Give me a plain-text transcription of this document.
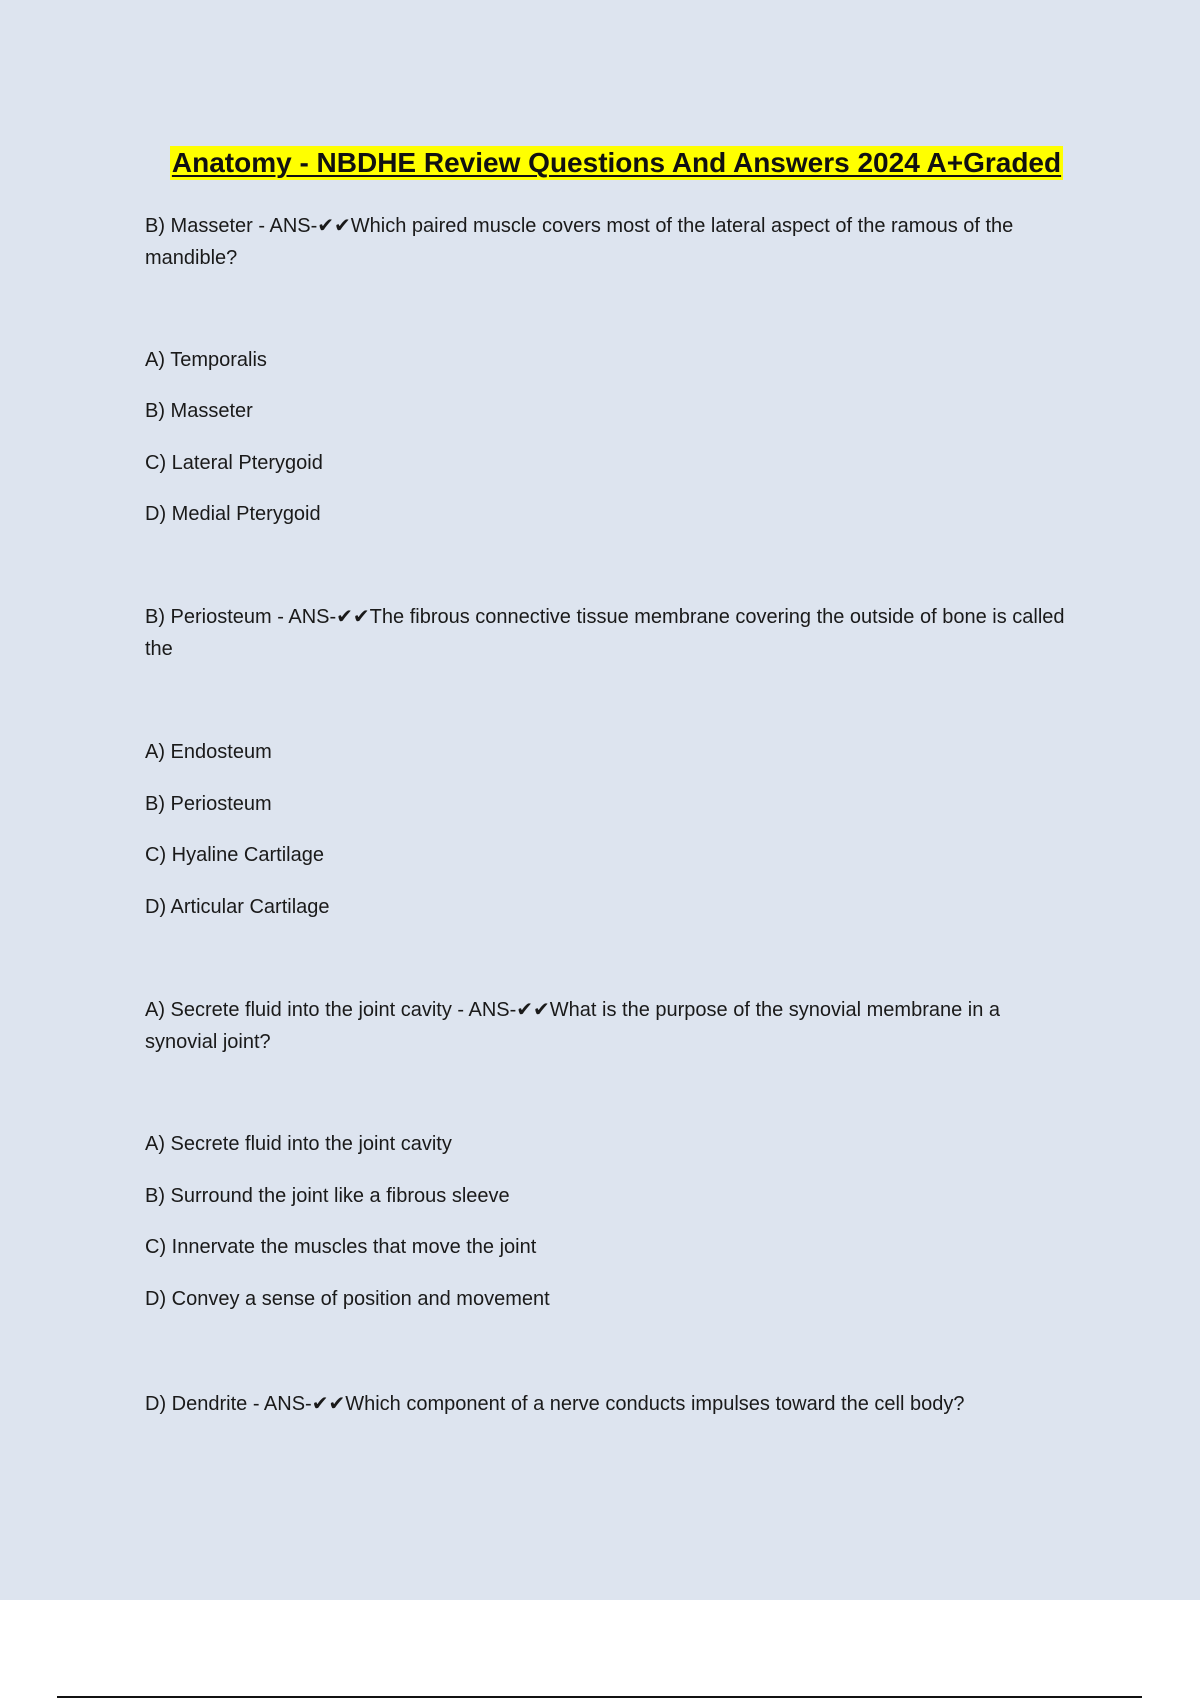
Anatomy - NBDHE Review Questions And Answers 2024 A+Graded
B) Masseter - ANS-✔✔Which paired muscle covers most of the lateral aspect of the ramous of the
mandible?
A) Temporalis
B) Masseter
C) Lateral Pterygoid
D) Medial Pterygoid
B) Periosteum - ANS-✔✔The fibrous connective tissue membrane covering the outside of bone is called
the
A) Endosteum
B) Periosteum
C) Hyaline Cartilage
D) Articular Cartilage
A) Secrete fluid into the joint cavity - ANS-✔✔What is the purpose of the synovial membrane in a
synovial joint?
A) Secrete fluid into the joint cavity
B) Surround the joint like a fibrous sleeve
C) Innervate the muscles that move the joint
D) Convey a sense of position and movement
D) Dendrite - ANS-✔✔Which component of a nerve conducts impulses toward the cell body?
